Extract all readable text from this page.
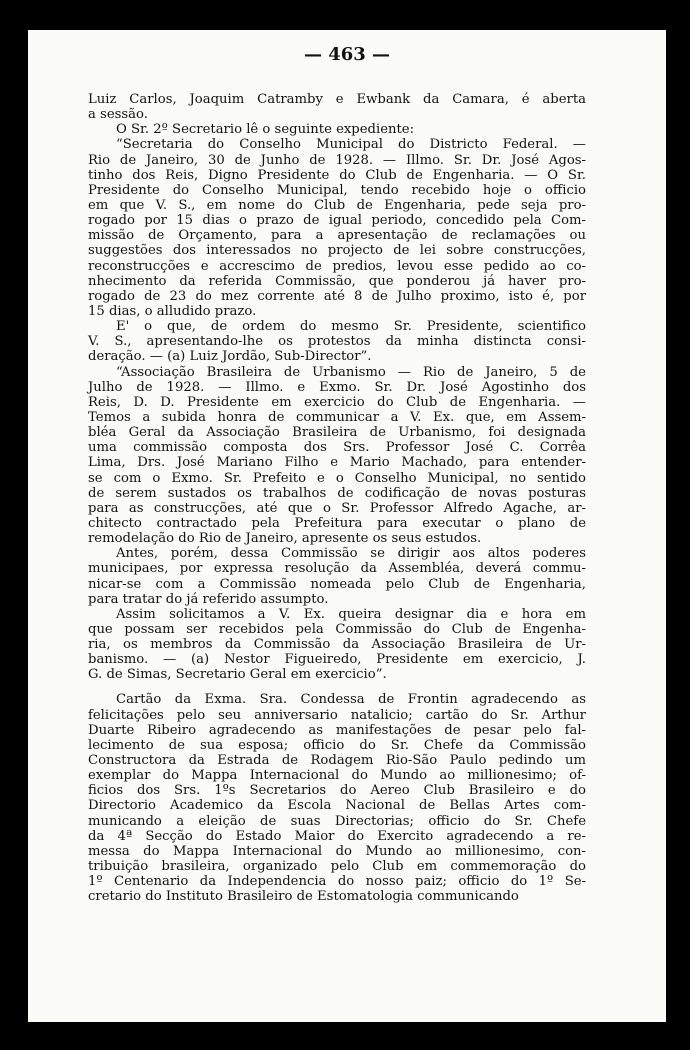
— 463 —
Luiz Carlos, Joaquim Catramby e Ewbank da Camara, é aberta
a sessão.
O Sr. 2º Secretario lê o seguinte expediente:
“Secretaria do Conselho Municipal do Districto Federal. —
Rio de Janeiro, 30 de Junho de 1928. — Illmo. Sr. Dr. José Agos-
tinho dos Reis, Digno Presidente do Club de Engenharia. — O Sr.
Presidente do Conselho Municipal, tendo recebido hoje o officio
em que V. S., em nome do Club de Engenharia, pede seja pro-
rogado por 15 dias o prazo de igual periodo, concedido pela Com-
missão de Orçamento, para a apresentação de reclamações ou
suggestões dos interessados no projecto de lei sobre construcções,
reconstrucções e accrescimo de predios, levou esse pedido ao co-
nhecimento da referida Commissão, que ponderou já haver pro-
rogado de 23 do mez corrente até 8 de Julho proximo, isto é, por
15 dias, o alludido prazo.
E' o que, de ordem do mesmo Sr. Presidente, scientifico
V. S., apresentando-lhe os protestos da minha distincta consi-
deração. — (a) Luiz Jordão, Sub-Director”.
“Associação Brasileira de Urbanismo — Rio de Janeiro, 5 de
Julho de 1928. — Illmo. e Exmo. Sr. Dr. José Agostinho dos
Reis, D. D. Presidente em exercicio do Club de Engenharia. —
Temos a subida honra de communicar a V. Ex. que, em Assem-
bléa Geral da Associação Brasileira de Urbanismo, foi designada
uma commissão composta dos Srs. Professor José C. Corrêa
Lima, Drs. José Mariano Filho e Mario Machado, para entender-
se com o Exmo. Sr. Prefeito e o Conselho Municipal, no sentido
de serem sustados os trabalhos de codificação de novas posturas
para as construcções, até que o Sr. Professor Alfredo Agache, ar-
chitecto contractado pela Prefeitura para executar o plano de
remodelação do Rio de Janeiro, apresente os seus estudos.
Antes, porém, dessa Commissão se dirigir aos altos poderes
municipaes, por expressa resolução da Assembléa, deverá commu-
nicar-se com a Commissão nomeada pelo Club de Engenharia,
para tratar do já referido assumpto.
Assim solicitamos a V. Ex. queira designar dia e hora em
que possam ser recebidos pela Commissão do Club de Engenha-
ria, os membros da Commissão da Associação Brasileira de Ur-
banismo. — (a) Nestor Figueiredo, Presidente em exercicio, J.
G. de Simas, Secretario Geral em exercicio”.
Cartão da Exma. Sra. Condessa de Frontin agradecendo as
felicitações pelo seu anniversario natalicio; cartão do Sr. Arthur
Duarte Ribeiro agradecendo as manifestações de pesar pelo fal-
lecimento de sua esposa; officio do Sr. Chefe da Commissão
Constructora da Estrada de Rodagem Rio-São Paulo pedindo um
exemplar do Mappa Internacional do Mundo ao millionesimo; of-
ficios dos Srs. 1ºs Secretarios do Aereo Club Brasileiro e do
Directorio Academico da Escola Nacional de Bellas Artes com-
municando a eleição de suas Directorias; officio do Sr. Chefe
da 4ª Secção do Estado Maior do Exercito agradecendo a re-
messa do Mappa Internacional do Mundo ao millionesimo, con-
tribuição brasileira, organizado pelo Club em commemoração do
1º Centenario da Independencia do nosso paiz; officio do 1º Se-
cretario do Instituto Brasileiro de Estomatologia communicando
